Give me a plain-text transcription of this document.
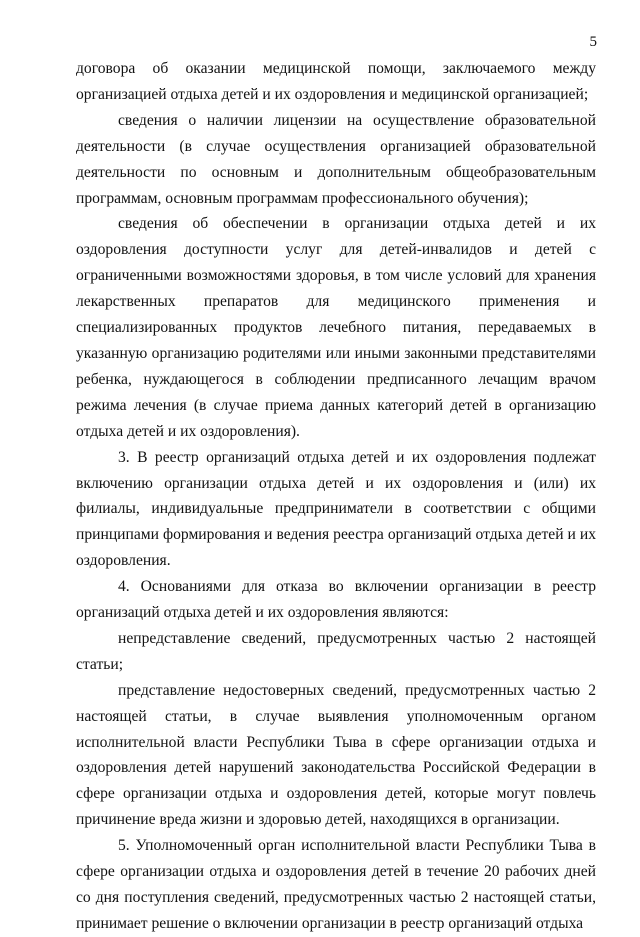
5

договора об оказании медицинской помощи, заключаемого между организацией отдыха детей и их оздоровления и медицинской организацией;

сведения о наличии лицензии на осуществление образовательной деятельности (в случае осуществления организацией образовательной деятельности по основным и дополнительным общеобразовательным программам, основным программам профессионального обучения);

сведения об обеспечении в организации отдыха детей и их оздоровления доступности услуг для детей-инвалидов и детей с ограниченными возможностями здоровья, в том числе условий для хранения лекарственных препаратов для медицинского применения и специализированных продуктов лечебного питания, передаваемых в указанную организацию родителями или иными законными представителями ребенка, нуждающегося в соблюдении предписанного лечащим врачом режима лечения (в случае приема данных категорий детей в организацию отдыха детей и их оздоровления).

3. В реестр организаций отдыха детей и их оздоровления подлежат включению организации отдыха детей и их оздоровления и (или) их филиалы, индивидуальные предприниматели в соответствии с общими принципами формирования и ведения реестра организаций отдыха детей и их оздоровления.

4. Основаниями для отказа во включении организации в реестр организаций отдыха детей и их оздоровления являются:

непредставление сведений, предусмотренных частью 2 настоящей статьи;

представление недостоверных сведений, предусмотренных частью 2 настоящей статьи, в случае выявления уполномоченным органом исполнительной власти Республики Тыва в сфере организации отдыха и оздоровления детей нарушений законодательства Российской Федерации в сфере организации отдыха и оздоровления детей, которые могут повлечь причинение вреда жизни и здоровью детей, находящихся в организации.

5. Уполномоченный орган исполнительной власти Республики Тыва в сфере организации отдыха и оздоровления детей в течение 20 рабочих дней со дня поступления сведений, предусмотренных частью 2 настоящей статьи, принимает решение о включении организации в реестр организаций отдыха
